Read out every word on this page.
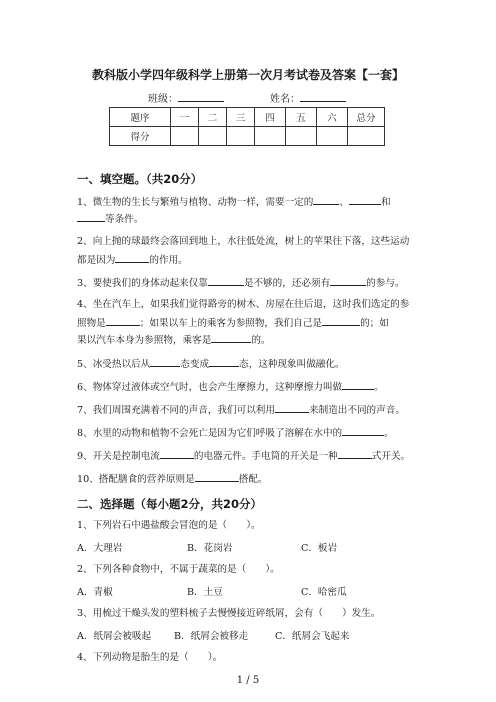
教科版小学四年级科学上册第一次月考试卷及答案【一套】
班级：	姓名：
题序	一	二	三	四	五	六	总分
得分							
一、填空题。（共20分）
1、微生物的生长与繁殖与植物、动物一样，需要一定的	、	和
等条件。
2、向上抛的球最终会落回到地上，水往低处流，树上的苹果往下落，这些运动
都是因为	的作用。
3、要使我们的身体动起来仅靠	是不够的，还必须有	的参与。
4、坐在汽车上，如果我们觉得路旁的树木、房屋在往后退，这时我们选定的参
照物是	；如果以车上的乘客为参照物，我们自己是	的；如
果以汽车本身为参照物，乘客是	的。
5、冰受热以后从	态变成	态，这种现象叫做融化。
6、物体穿过液体或空气时，也会产生摩擦力，这种摩擦力叫做	。
7、我们周围充满着不同的声音，我们可以利用	来制造出不同的声音。
8、水里的动物和植物不会死亡是因为它们呼吸了溶解在水中的	。
9、开关是控制电流	的电器元件。手电筒的开关是一种	式开关。
10、搭配膳食的营养原则是	搭配。
二、选择题（每小题2分，共20分）
1、下列岩石中遇盐酸会冒泡的是（　　）。
A．大理岩	B．花岗岩	C．板岩
2、下列各种食物中，不属于蔬菜的是（　　）。
A．青椒	B．土豆	C．哈密瓜
3、用梳过干燥头发的塑料梳子去慢慢接近碎纸屑，会有（　　）发生。
A．纸屑会被吸起 B．纸屑会被移走	C．纸屑会飞起来
4、下列动物是胎生的是（　　）。
1 / 5
